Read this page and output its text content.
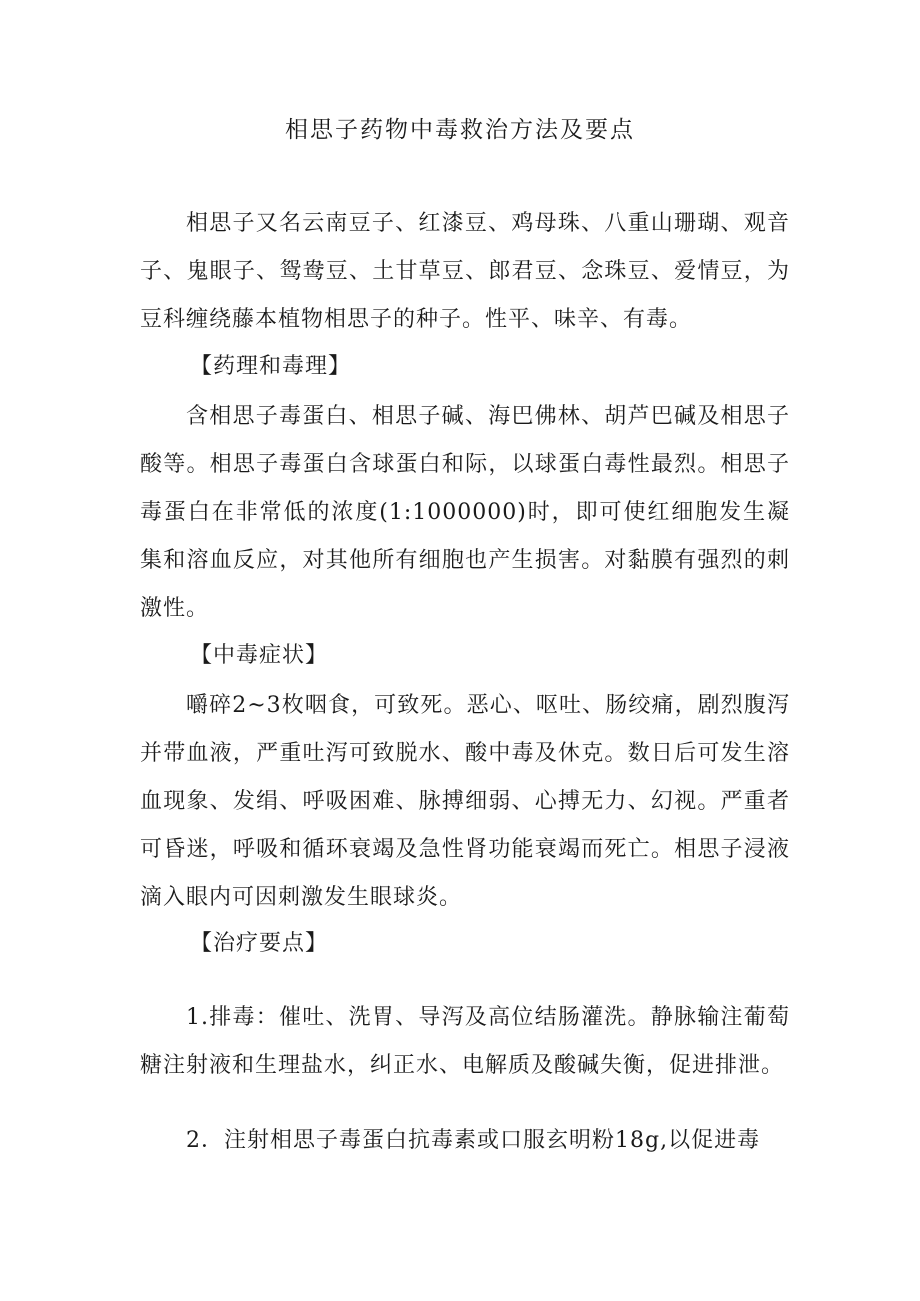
相思子药物中毒救治方法及要点

相思子又名云南豆子、红漆豆、鸡母珠、八重山珊瑚、观音子、鬼眼子、鸳鸯豆、土甘草豆、郎君豆、念珠豆、爱情豆，为豆科缠绕藤本植物相思子的种子。性平、味辛、有毒。

【药理和毒理】

含相思子毒蛋白、相思子碱、海巴佛林、胡芦巴碱及相思子酸等。相思子毒蛋白含球蛋白和际，以球蛋白毒性最烈。相思子毒蛋白在非常低的浓度(1:1000000)时，即可使红细胞发生凝集和溶血反应，对其他所有细胞也产生损害。对黏膜有强烈的刺激性。

【中毒症状】

嚼碎2~3枚咽食，可致死。恶心、呕吐、肠绞痛，剧烈腹泻并带血液，严重吐泻可致脱水、酸中毒及休克。数日后可发生溶血现象、发绢、呼吸困难、脉搏细弱、心搏无力、幻视。严重者可昏迷，呼吸和循环衰竭及急性肾功能衰竭而死亡。相思子浸液滴入眼内可因刺激发生眼球炎。

【治疗要点】

1.排毒：催吐、洗胃、导泻及高位结肠灌洗。静脉输注葡萄糖注射液和生理盐水，纠正水、电解质及酸碱失衡，促进排泄。

2．注射相思子毒蛋白抗毒素或口服玄明粉18g,以促进毒
